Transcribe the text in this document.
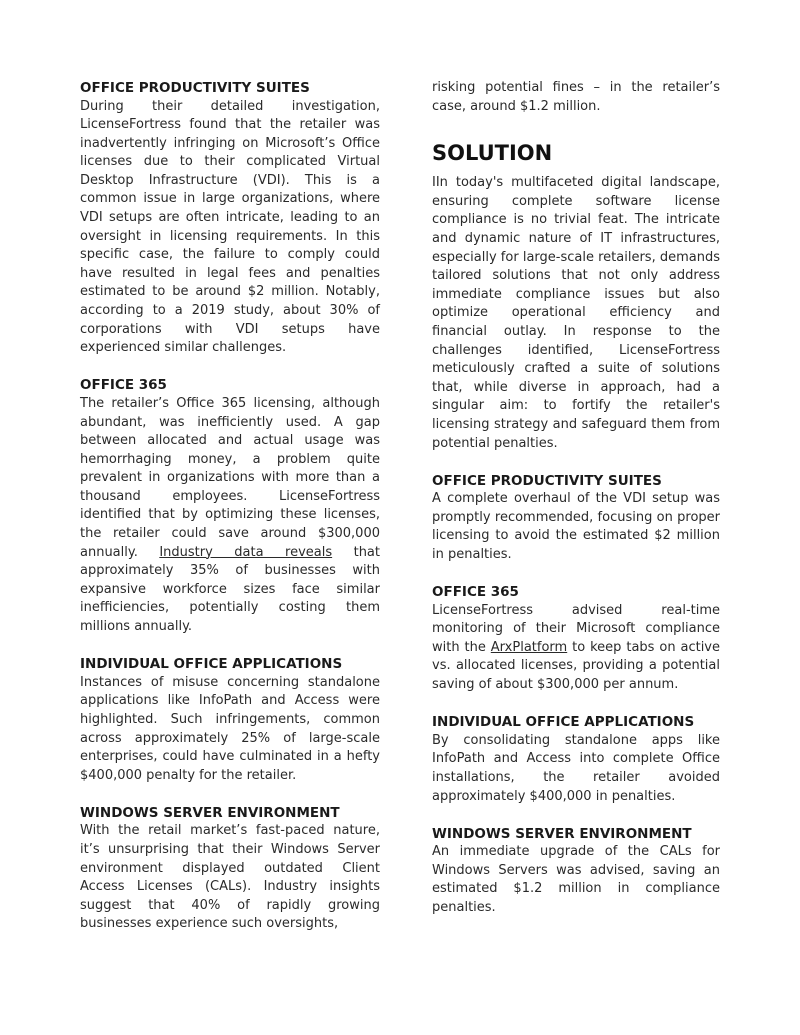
OFFICE PRODUCTIVITY SUITES

During their detailed investigation, LicenseFortress found that the retailer was inadvertently infringing on Microsoft’s Office licenses due to their complicated Virtual Desktop Infrastructure (VDI). This is a common issue in large organizations, where VDI setups are often intricate, leading to an oversight in licensing requirements. In this specific case, the failure to comply could have resulted in legal fees and penalties estimated to be around $2 million. Notably, according to a 2019 study, about 30% of corporations with VDI setups have experienced similar challenges.

OFFICE 365

The retailer’s Office 365 licensing, although abundant, was inefficiently used. A gap between allocated and actual usage was hemorrhaging money, a problem quite prevalent in organizations with more than a thousand employees. LicenseFortress identified that by optimizing these licenses, the retailer could save around $300,000 annually. Industry data reveals that approximately 35% of businesses with expansive workforce sizes face similar inefficiencies, potentially costing them millions annually.

INDIVIDUAL OFFICE APPLICATIONS

Instances of misuse concerning standalone applications like InfoPath and Access were highlighted. Such infringements, common across approximately 25% of large-scale enterprises, could have culminated in a hefty $400,000 penalty for the retailer.

WINDOWS SERVER ENVIRONMENT

With the retail market’s fast-paced nature, it’s unsurprising that their Windows Server environment displayed outdated Client Access Licenses (CALs). Industry insights suggest that 40% of rapidly growing businesses experience such oversights,

risking potential fines – in the retailer’s case, around $1.2 million.

SOLUTION

IIn today's multifaceted digital landscape, ensuring complete software license compliance is no trivial feat. The intricate and dynamic nature of IT infrastructures, especially for large-scale retailers, demands tailored solutions that not only address immediate compliance issues but also optimize operational efficiency and financial outlay. In response to the challenges identified, LicenseFortress meticulously crafted a suite of solutions that, while diverse in approach, had a singular aim: to fortify the retailer's licensing strategy and safeguard them from potential penalties.

OFFICE PRODUCTIVITY SUITES

A complete overhaul of the VDI setup was promptly recommended, focusing on proper licensing to avoid the estimated $2 million in penalties.

OFFICE 365

LicenseFortress advised real-time monitoring of their Microsoft compliance with the ArxPlatform to keep tabs on active vs. allocated licenses, providing a potential saving of about $300,000 per annum.

INDIVIDUAL OFFICE APPLICATIONS

By consolidating standalone apps like InfoPath and Access into complete Office installations, the retailer avoided approximately $400,000 in penalties.

WINDOWS SERVER ENVIRONMENT

An immediate upgrade of the CALs for Windows Servers was advised, saving an estimated $1.2 million in compliance penalties.
